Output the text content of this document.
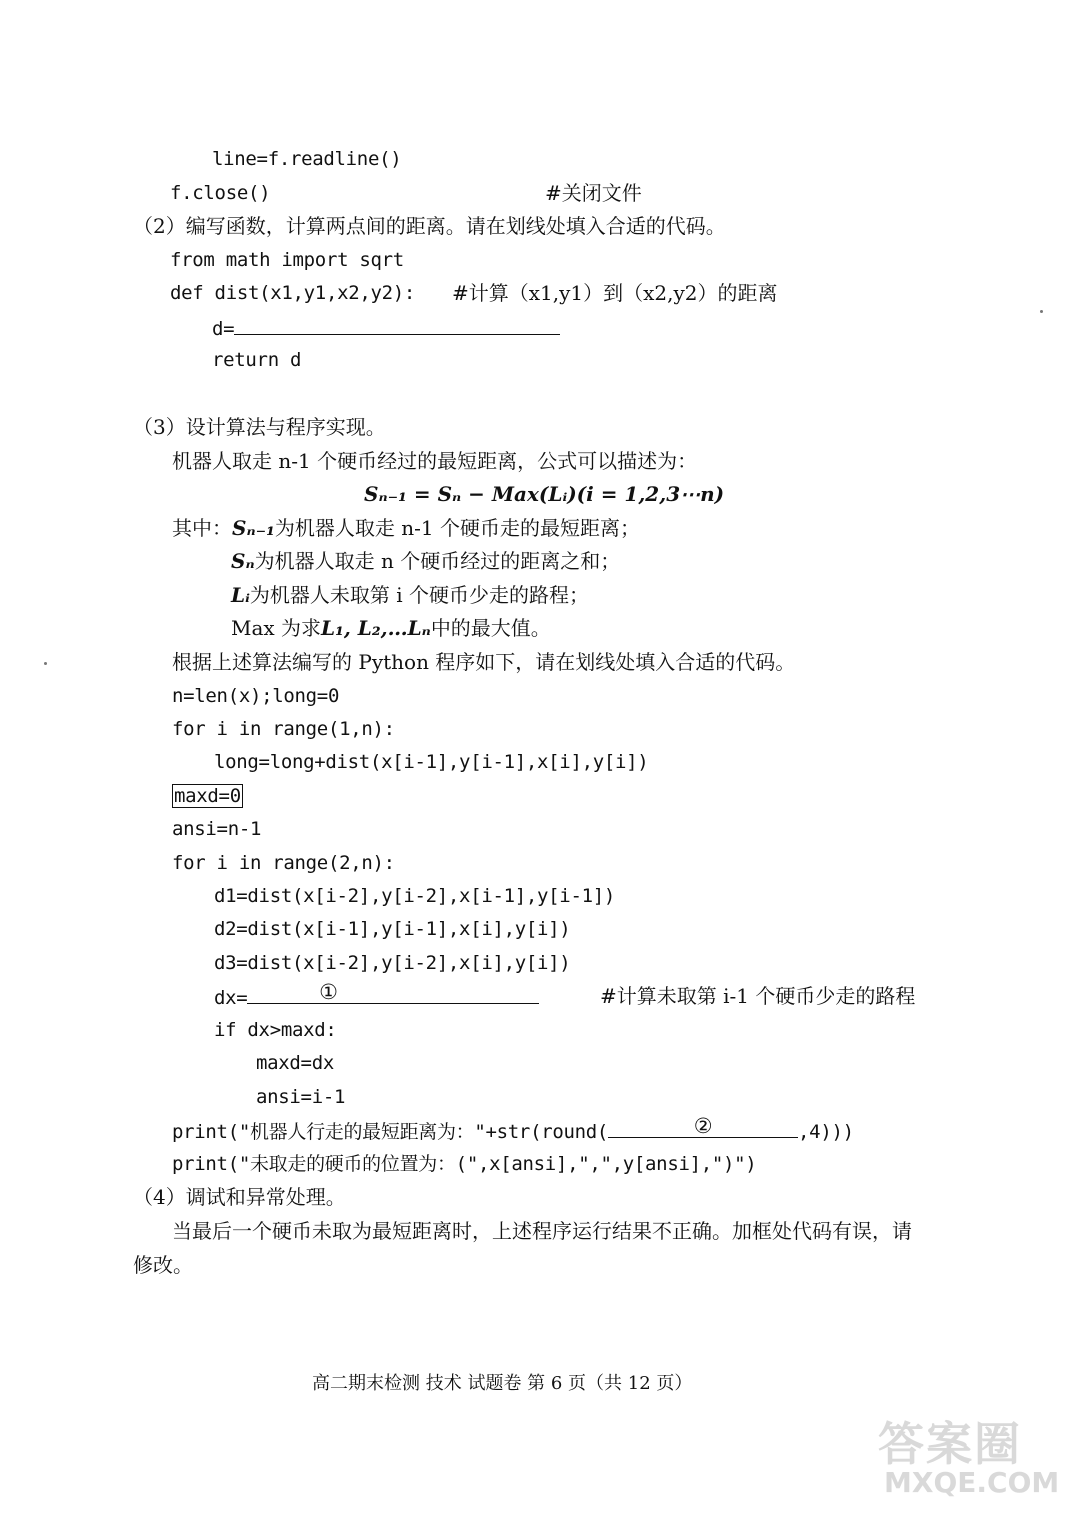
line=f.readline()
f.close()	#关闭文件
（2）编写函数，计算两点间的距离。请在划线处填入合适的代码。
from math import sqrt
def dist(x1,y1,x2,y2): #计算（x1,y1）到（x2,y2）的距离
d=
return d
（3）设计算法与程序实现。
机器人取走 n-1 个硬币经过的最短距离，公式可以描述为：
Sₙ₋₁ = Sₙ − Max(Lᵢ)(i = 1,2,3⋯n)
其中：Sₙ₋₁为机器人取走 n-1 个硬币走的最短距离；
Sₙ为机器人取走 n 个硬币经过的距离之和；
Lᵢ为机器人未取第 i 个硬币少走的路程；
Max 为求L₁, L₂,…Lₙ中的最大值。
根据上述算法编写的 Python 程序如下，请在划线处填入合适的代码。
n=len(x);long=0
for i in range(1,n):
long=long+dist(x[i-1],y[i-1],x[i],y[i])
maxd=0
ansi=n-1
for i in range(2,n):
d1=dist(x[i-2],y[i-2],x[i-1],y[i-1])
d2=dist(x[i-1],y[i-1],x[i],y[i])
d3=dist(x[i-2],y[i-2],x[i],y[i])
dx=	①	#计算未取第 i-1 个硬币少走的路程
if dx>maxd:
maxd=dx
ansi=i-1
print("机器人行走的最短距离为："+str(round(	②	,4)))
print("未取走的硬币的位置为：(",x[ansi],",",y[ansi],")")
（4）调试和异常处理。
当最后一个硬币未取为最短距离时，上述程序运行结果不正确。加框处代码有误，请
修改。
高二期末检测 技术 试题卷 第 6 页（共 12 页）
答案圈
MXQE.COM
